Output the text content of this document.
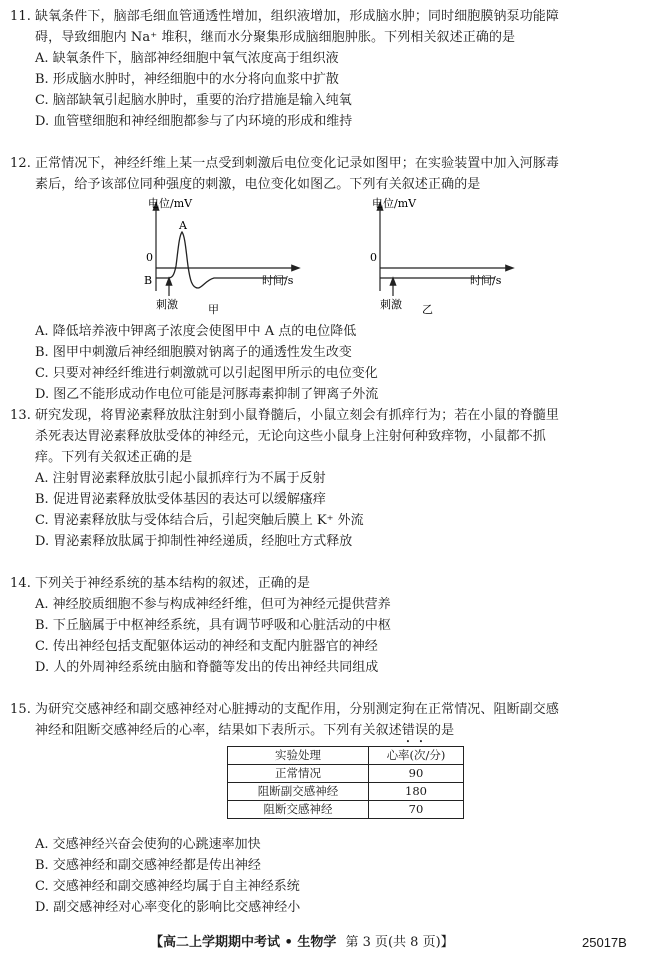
11. 缺氧条件下，脑部毛细血管通透性增加，组织液增加，形成脑水肿；同时细胞膜钠泵功能障
碍，导致细胞内 Na⁺ 堆积，继而水分聚集形成脑细胞肿胀。下列相关叙述正确的是
A. 缺氧条件下，脑部神经细胞中氧气浓度高于组织液
B. 形成脑水肿时，神经细胞中的水分将向血浆中扩散
C. 脑部缺氧引起脑水肿时，重要的治疗措施是输入纯氧
D. 血管壁细胞和神经细胞都参与了内环境的形成和维持
12. 正常情况下，神经纤维上某一点受到刺激后电位变化记录如图甲；在实验装置中加入河豚毒
素后，给予该部位同种强度的刺激，电位变化如图乙。下列有关叙述正确的是
电位/mV
0
B
A
时间/s
刺激	甲
电位/mV
0
时间/s
刺激 乙
A. 降低培养液中钾离子浓度会使图甲中 A 点的电位降低
B. 图甲中刺激后神经细胞膜对钠离子的通透性发生改变
C. 只要对神经纤维进行刺激就可以引起图甲所示的电位变化
D. 图乙不能形成动作电位可能是河豚毒素抑制了钾离子外流
13. 研究发现，将胃泌素释放肽注射到小鼠脊髓后，小鼠立刻会有抓痒行为；若在小鼠的脊髓里
杀死表达胃泌素释放肽受体的神经元，无论向这些小鼠身上注射何种致痒物，小鼠都不抓
痒。下列有关叙述正确的是
A. 注射胃泌素释放肽引起小鼠抓痒行为不属于反射
B. 促进胃泌素释放肽受体基因的表达可以缓解瘙痒
C. 胃泌素释放肽与受体结合后，引起突触后膜上 K⁺ 外流
D. 胃泌素释放肽属于抑制性神经递质，经胞吐方式释放
14. 下列关于神经系统的基本结构的叙述，正确的是
A. 神经胶质细胞不参与构成神经纤维，但可为神经元提供营养
B. 下丘脑属于中枢神经系统，具有调节呼吸和心脏活动的中枢
C. 传出神经包括支配躯体运动的神经和支配内脏器官的神经
D. 人的外周神经系统由脑和脊髓等发出的传出神经共同组成
15. 为研究交感神经和副交感神经对心脏搏动的支配作用，分别测定狗在正常情况、阻断副交感
神经和阻断交感神经后的心率，结果如下表所示。下列有关叙述错误的是
实验处理	心率(次/分)
正常情况	90
阻断副交感神经	180
阻断交感神经	70
A. 交感神经兴奋会使狗的心跳速率加快
B. 交感神经和副交感神经都是传出神经
C. 交感神经和副交感神经均属于自主神经系统
D. 副交感神经对心率变化的影响比交感神经小
【高二上学期期中考试 • 生物学 第 3 页(共 8 页)】	25017B
